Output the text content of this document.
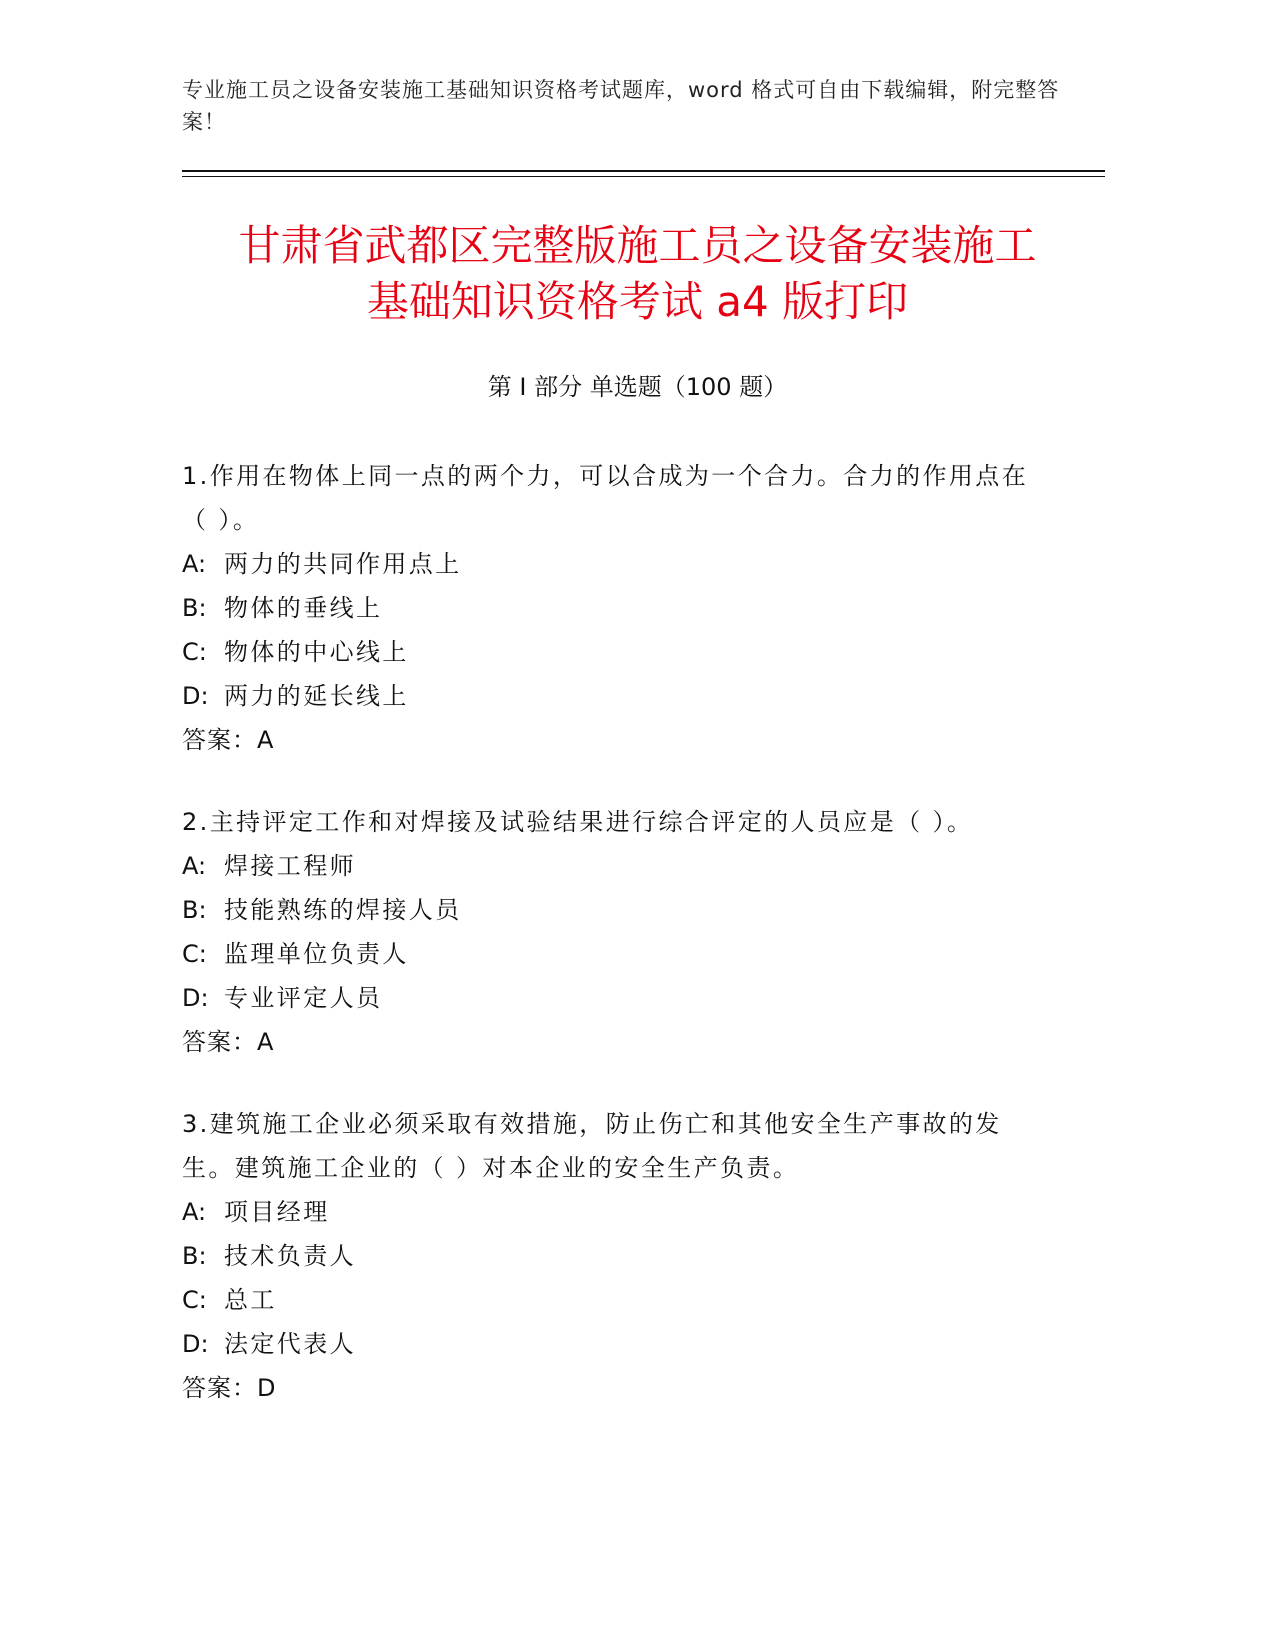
专业施工员之设备安装施工基础知识资格考试题库，word 格式可自由下载编辑，附完整答案！
甘肃省武都区完整版施工员之设备安装施工
基础知识资格考试 a4 版打印
第 I 部分 单选题（100 题）

1.作用在物体上同一点的两个力，可以合成为一个合力。合力的作用点在（ ）。

A: 两力的共同作用点上

B: 物体的垂线上

C: 物体的中心线上

D: 两力的延长线上

答案：A

2.主持评定工作和对焊接及试验结果进行综合评定的人员应是（ ）。

A: 焊接工程师

B: 技能熟练的焊接人员

C: 监理单位负责人

D: 专业评定人员

答案：A

3.建筑施工企业必须采取有效措施，防止伤亡和其他安全生产事故的发生。建筑施工企业的（ ）对本企业的安全生产负责。

A: 项目经理

B: 技术负责人

C: 总工

D: 法定代表人

答案：D
